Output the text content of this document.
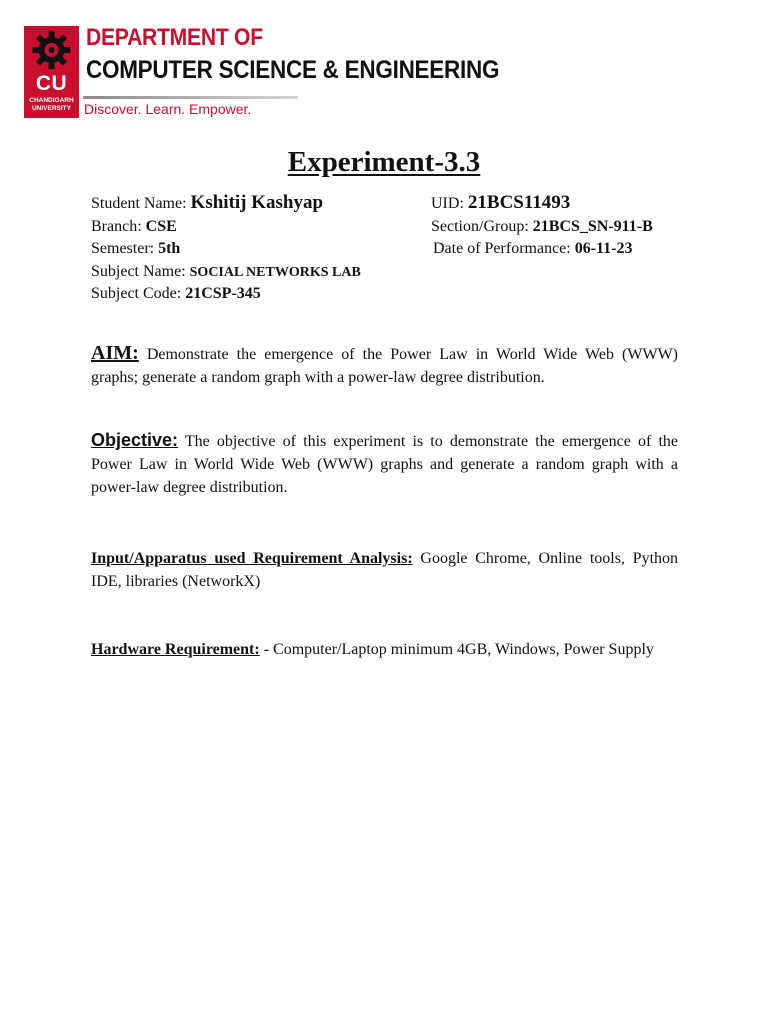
CU
CHANDIGARH UNIVERSITY
DEPARTMENT OF
COMPUTER SCIENCE & ENGINEERING
Discover. Learn. Empower.
Experiment-3.3
Student Name: Kshitij Kashyap	UID: 21BCS11493
Branch: CSE	Section/Group: 21BCS_SN-911-B
Semester: 5th	Date of Performance: 06-11-23
Subject Name: SOCIAL NETWORKS LAB
Subject Code: 21CSP-345
AIM: Demonstrate the emergence of the Power Law in World Wide Web (WWW) graphs; generate a random graph with a power-law degree distribution.
Objective: The objective of this experiment is to demonstrate the emergence of the Power Law in World Wide Web (WWW) graphs and generate a random graph with a power-law degree distribution.
Input/Apparatus used Requirement Analysis: Google Chrome, Online tools, Python IDE, libraries (NetworkX)
Hardware Requirement: - Computer/Laptop minimum 4GB, Windows, Power Supply
